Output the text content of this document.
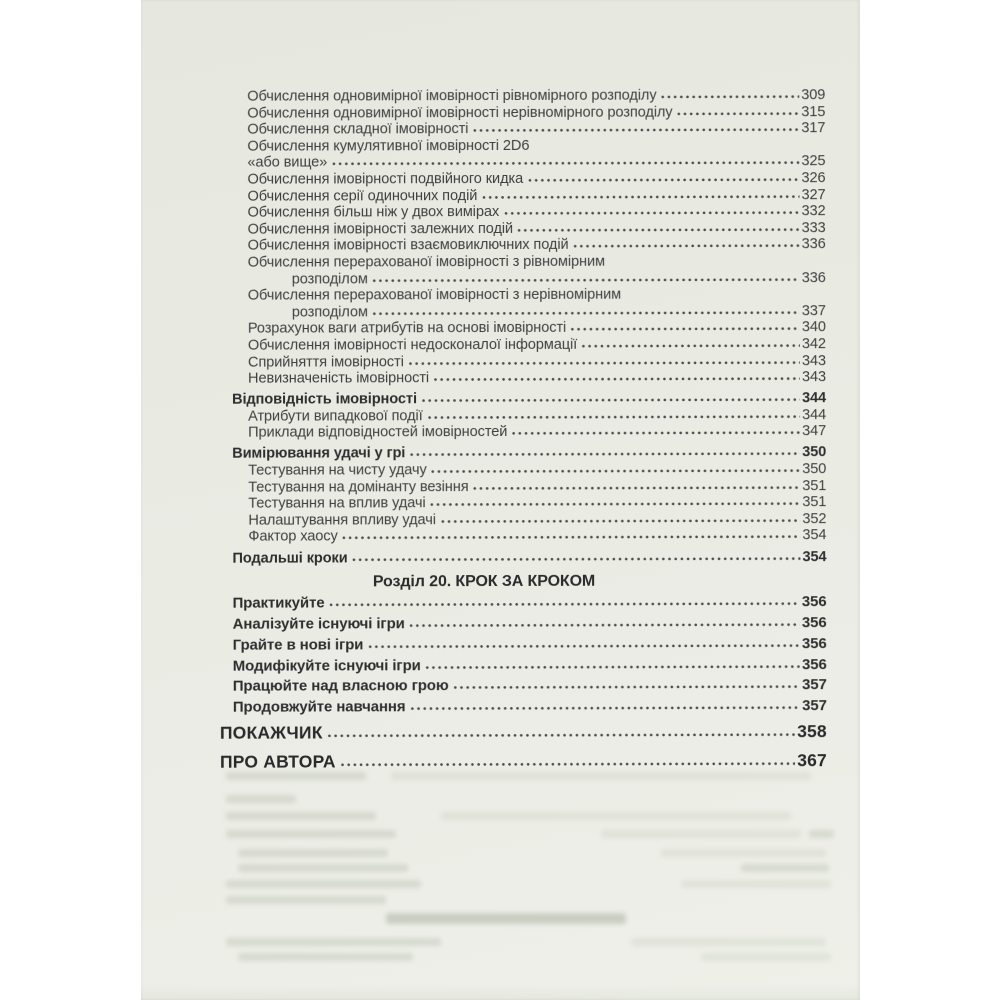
Обчислення одновимірної імовірності рівномірного розподілу	309
Обчислення одновимірної імовірності нерівномірного розподілу	315
Обчислення складної імовірності	317
Обчислення кумулятивної імовірності 2D6
«або вище»	325
Обчислення імовірності подвійного кидка	326
Обчислення серії одиночних подій	327
Обчислення більш ніж у двох вимірах	332
Обчислення імовірності залежних подій	333
Обчислення імовірності взаємовиключних подій	336
Обчислення перерахованої імовірності з рівномірним
розподілом	336
Обчислення перерахованої імовірності з нерівномірним
розподілом	337
Розрахунок ваги атрибутів на основі імовірності	340
Обчислення імовірності недосконалої інформації	342
Сприйняття імовірності	343
Невизначеність імовірності	343
Відповідність імовірності	344
Атрибути випадкової події	344
Приклади відповідностей імовірностей	347
Вимірювання удачі у грі	350
Тестування на чисту удачу	350
Тестування на домінанту везіння	351
Тестування на вплив удачі	351
Налаштування впливу удачі	352
Фактор хаосу	354
Подальші кроки	354
Розділ 20. КРОК ЗА КРОКОМ
Практикуйте	356
Аналізуйте існуючі ігри	356
Грайте в нові ігри	356
Модифікуйте існуючі ігри	356
Працюйте над власною грою	357
Продовжуйте навчання	357
ПОКАЖЧИК	358
ПРО АВТОРА	367
